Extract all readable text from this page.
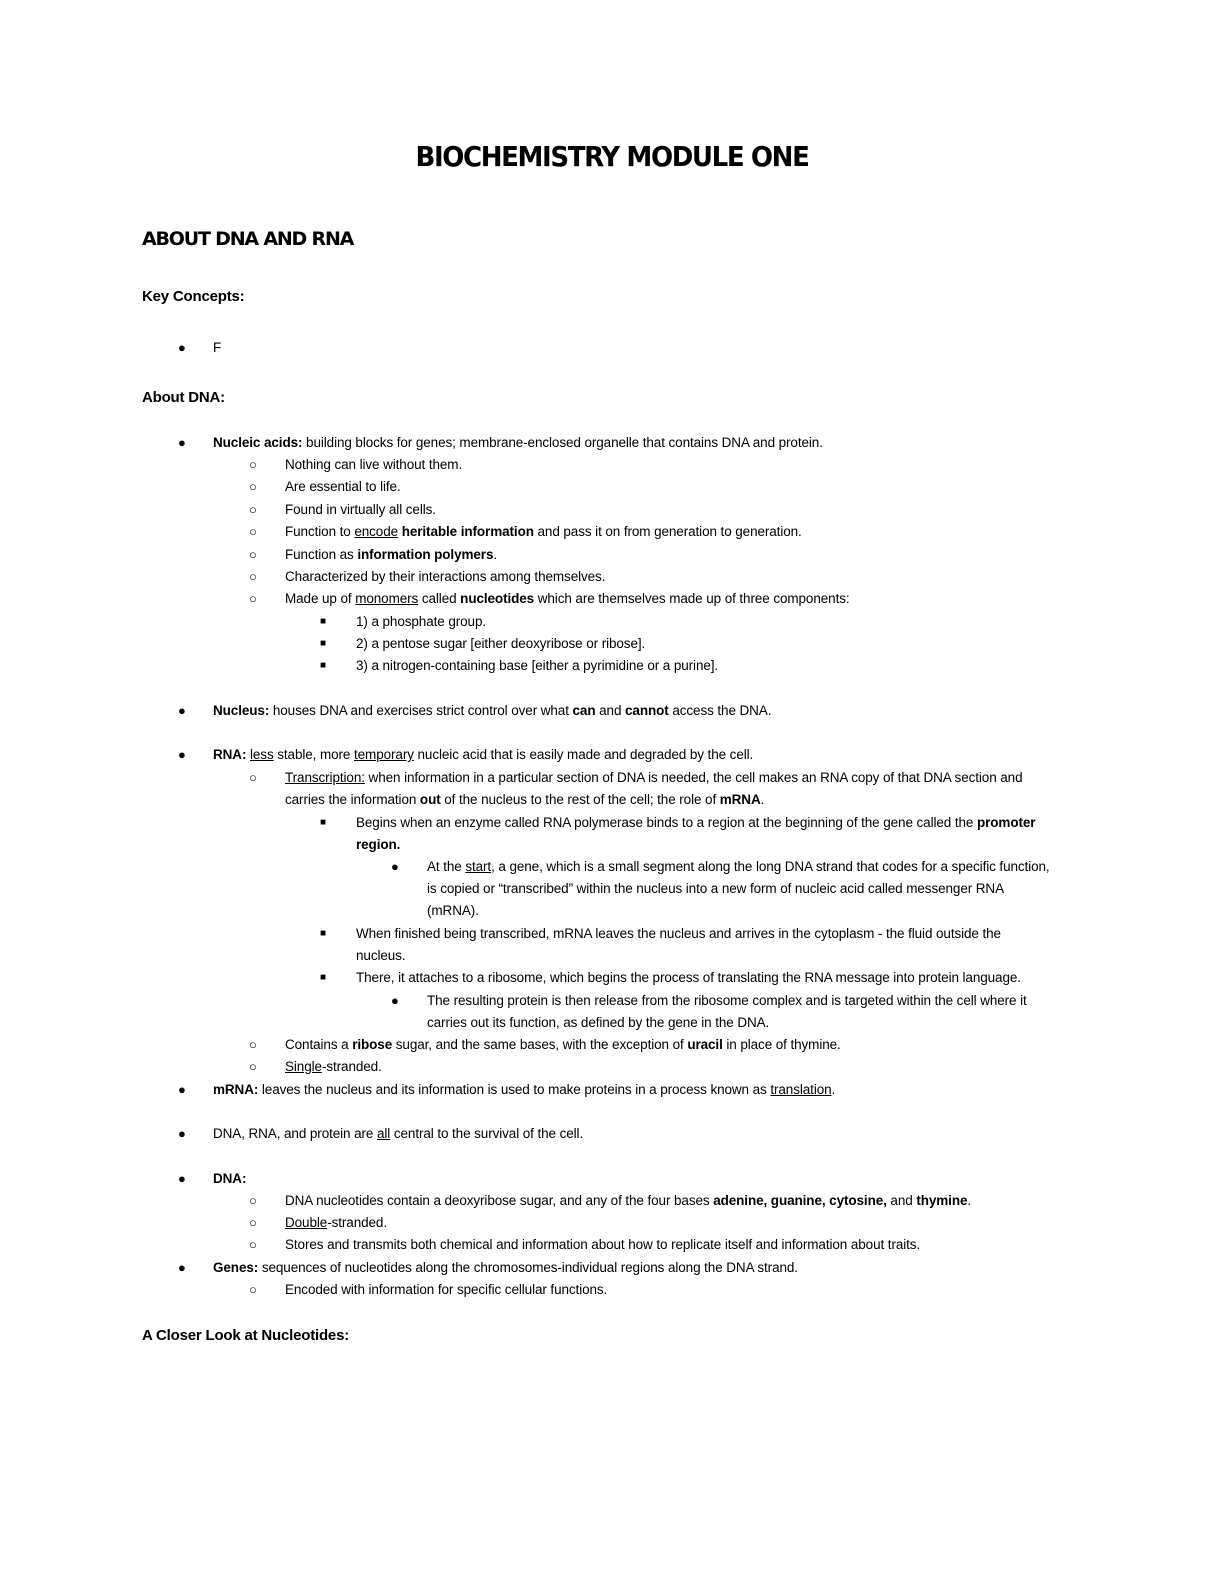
BIOCHEMISTRY MODULE ONE
ABOUT DNA AND RNA
Key Concepts:
● F
About DNA:
● Nucleic acids: building blocks for genes; membrane-enclosed organelle that contains DNA and protein.
○ Nothing can live without them.
○ Are essential to life.
○ Found in virtually all cells.
○ Function to encode heritable information and pass it on from generation to generation.
○ Function as information polymers.
○ Characterized by their interactions among themselves.
○ Made up of monomers called nucleotides which are themselves made up of three components:
■ 1) a phosphate group.
■ 2) a pentose sugar [either deoxyribose or ribose].
■ 3) a nitrogen-containing base [either a pyrimidine or a purine].
● Nucleus: houses DNA and exercises strict control over what can and cannot access the DNA.
● RNA: less stable, more temporary nucleic acid that is easily made and degraded by the cell.
○ Transcription: when information in a particular section of DNA is needed, the cell makes an RNA copy of that DNA section and
carries the information out of the nucleus to the rest of the cell; the role of mRNA.
■ Begins when an enzyme called RNA polymerase binds to a region at the beginning of the gene called the promoter
region.
● At the start, a gene, which is a small segment along the long DNA strand that codes for a specific function,
is copied or “transcribed” within the nucleus into a new form of nucleic acid called messenger RNA
(mRNA).
■ When finished being transcribed, mRNA leaves the nucleus and arrives in the cytoplasm - the fluid outside the
nucleus.
■ There, it attaches to a ribosome, which begins the process of translating the RNA message into protein language.
● The resulting protein is then release from the ribosome complex and is targeted within the cell where it
carries out its function, as defined by the gene in the DNA.
○ Contains a ribose sugar, and the same bases, with the exception of uracil in place of thymine.
○ Single-stranded.
● mRNA: leaves the nucleus and its information is used to make proteins in a process known as translation.
● DNA, RNA, and protein are all central to the survival of the cell.
● DNA:
○ DNA nucleotides contain a deoxyribose sugar, and any of the four bases adenine, guanine, cytosine, and thymine.
○ Double-stranded.
○ Stores and transmits both chemical and information about how to replicate itself and information about traits.
● Genes: sequences of nucleotides along the chromosomes-individual regions along the DNA strand.
○ Encoded with information for specific cellular functions.
A Closer Look at Nucleotides:
